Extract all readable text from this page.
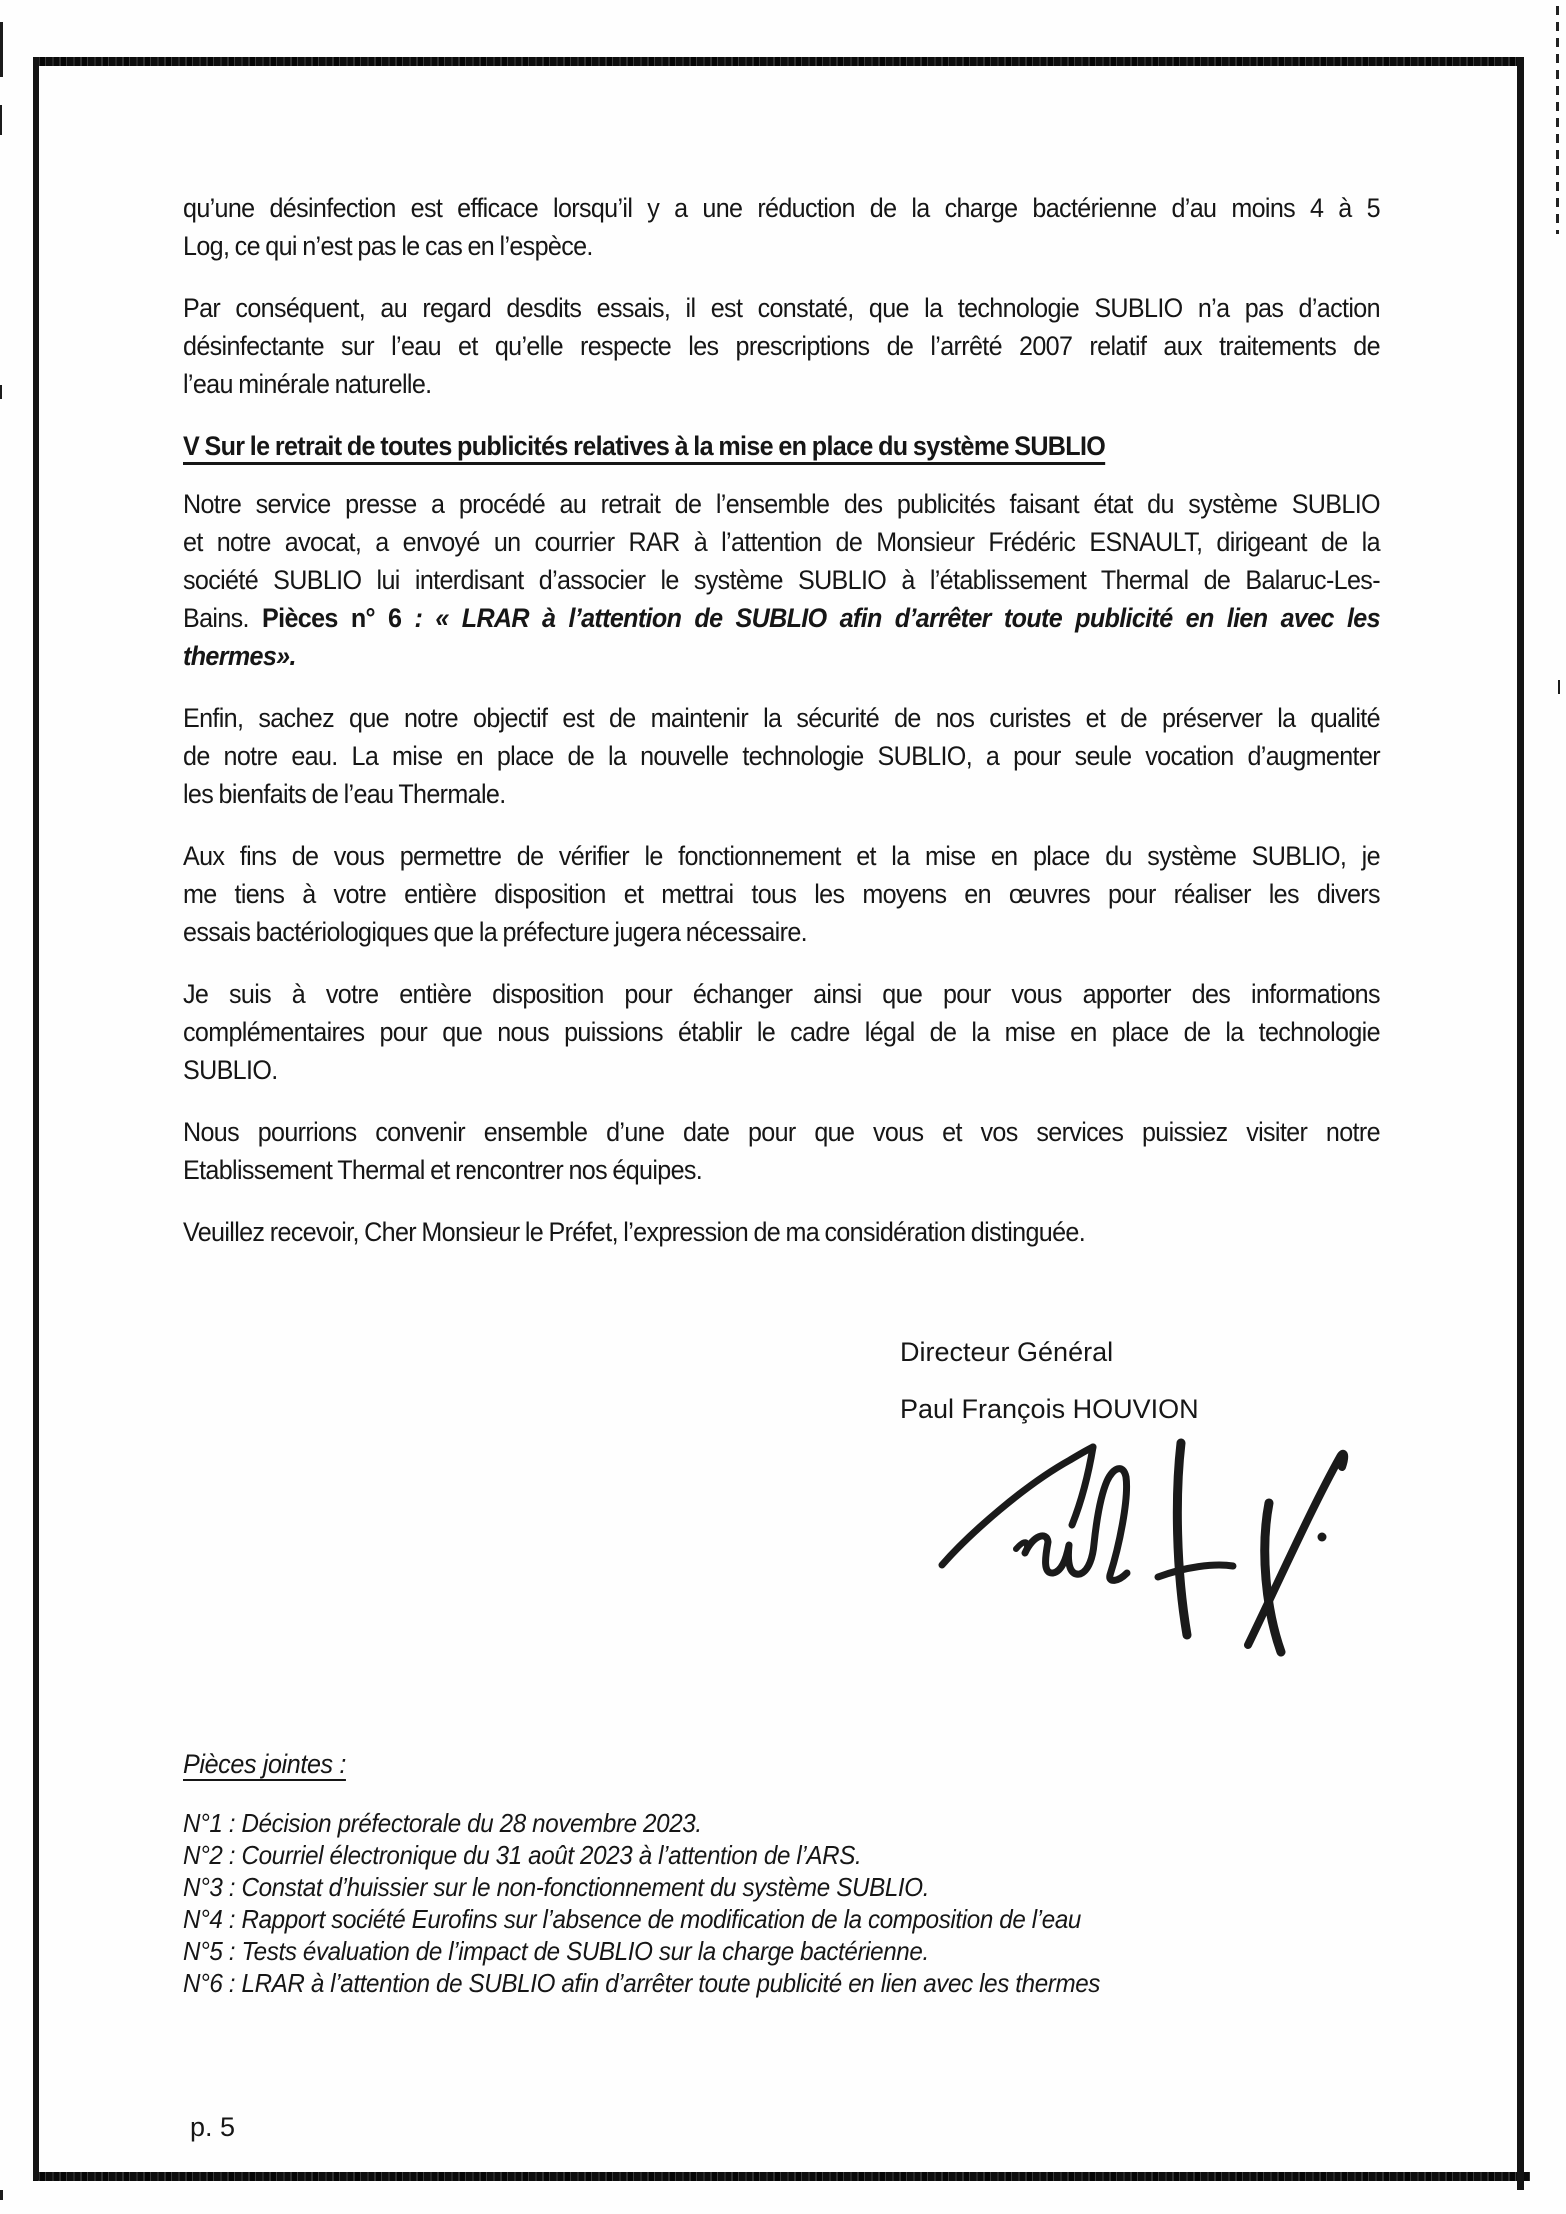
qu’une désinfection est efficace lorsqu’il y a une réduction de la charge bactérienne d’au moins 4 à 5
Log, ce qui n’est pas le cas en l’espèce.
Par conséquent, au regard desdits essais, il est constaté, que la technologie SUBLIO n’a pas d’action
désinfectante sur l’eau et qu’elle respecte les prescriptions de l’arrêté 2007 relatif aux traitements de
l’eau minérale naturelle.
V Sur le retrait de toutes publicités relatives à la mise en place du système SUBLIO
Notre service presse a procédé au retrait de l’ensemble des publicités faisant état du système SUBLIO
et notre avocat, a envoyé un courrier RAR à l’attention de Monsieur Frédéric ESNAULT, dirigeant de la
société SUBLIO lui interdisant d’associer le système SUBLIO à l’établissement Thermal de Balaruc-Les-
Bains. Pièces n° 6 : « LRAR à l’attention de SUBLIO afin d’arrêter toute publicité en lien avec les
thermes».
Enfin, sachez que notre objectif est de maintenir la sécurité de nos curistes et de préserver la qualité
de notre eau. La mise en place de la nouvelle technologie SUBLIO, a pour seule vocation d’augmenter
les bienfaits de l’eau Thermale.
Aux fins de vous permettre de vérifier le fonctionnement et la mise en place du système SUBLIO, je
me tiens à votre entière disposition et mettrai tous les moyens en œuvres pour réaliser les divers
essais bactériologiques que la préfecture jugera nécessaire.
Je suis à votre entière disposition pour échanger ainsi que pour vous apporter des informations
complémentaires pour que nous puissions établir le cadre légal de la mise en place de la technologie
SUBLIO.
Nous pourrions convenir ensemble d’une date pour que vous et vos services puissiez visiter notre
Etablissement Thermal et rencontrer nos équipes.
Veuillez recevoir, Cher Monsieur le Préfet, l’expression de ma considération distinguée.
Directeur Général
Paul François HOUVION
Pièces jointes :
N°1 : Décision préfectorale du 28 novembre 2023.
N°2 : Courriel électronique du 31 août 2023 à l’attention de l’ARS.
N°3 : Constat d’huissier sur le non-fonctionnement du système SUBLIO.
N°4 : Rapport société Eurofins sur l’absence de modification de la composition de l’eau
N°5 : Tests évaluation de l’impact de SUBLIO sur la charge bactérienne.
N°6 : LRAR à l’attention de SUBLIO afin d’arrêter toute publicité en lien avec les thermes
p. 5
